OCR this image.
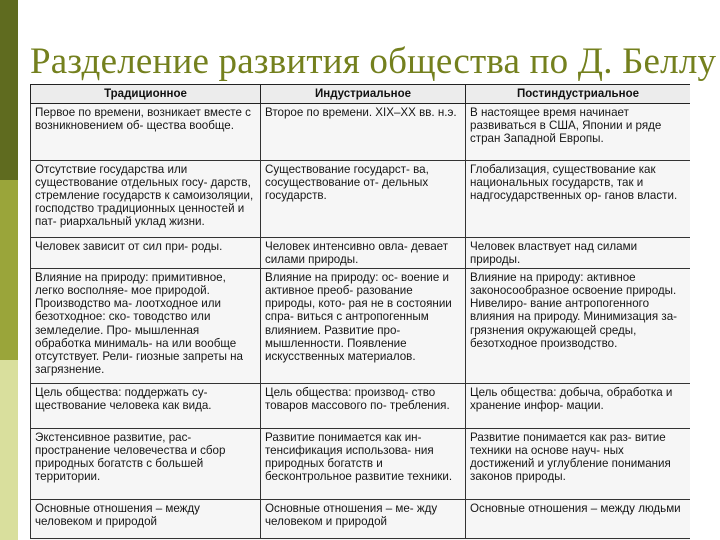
Разделение развития общества по Д. Беллу
Традиционное	Индустриальное	Постиндустриальное
Первое по времени, возникает вместе с возникновением об- щества вообще.	Второе по времени. XIX–XX вв. н.э.	В настоящее время начинает развиваться в США, Японии и ряде стран Западной Европы.
Отсутствие государства или существование отдельных госу- дарств, стремление государств к самоизоляции, господство традиционных ценностей и пат- риархальный уклад жизни.	Существование государст- ва, сосуществование от- дельных государств.	Глобализация, существование как национальных государств, так и надгосударственных ор- ганов власти.
Человек зависит от сил при- роды.	Человек интенсивно овла- девает силами природы.	Человек властвует над силами природы.
Влияние на природу: примитивное, легко восполняе- мое природой. Производство ма- лоотходное или безотходное: ско- товодство или земледелие. Про- мышленная обработка минималь- на или вообще отсутствует. Рели- гиозные запреты на загрязнение.	Влияние на природу: ос- воение и активное преоб- разование природы, кото- рая не в состоянии спра- виться с антропогенным влиянием. Развитие про- мышленности. Появление искусственных материалов.	Влияние на природу: активное законосообразное освоение природы. Нивелиро- вание антропогенного влияния на природу. Минимизация за- грязнения окружающей среды, безотходное производство.
Цель общества: поддержать су- ществование человека как вида.	Цель общества: производ- ство товаров массового по- требления.	Цель общества: добыча, обработка и хранение инфор- мации.
Экстенсивное развитие, рас- пространение человечества и сбор природных богатств с большей территории.	Развитие понимается как ин- тенсификация использова- ния природных богатств и бесконтрольное развитие техники.	Развитие понимается как раз- витие техники на основе науч- ных достижений и углубление понимания законов природы.
Основные отношения – между человеком и природой	Основные отношения – ме- жду человеком и природой	Основные отношения – между людьми
